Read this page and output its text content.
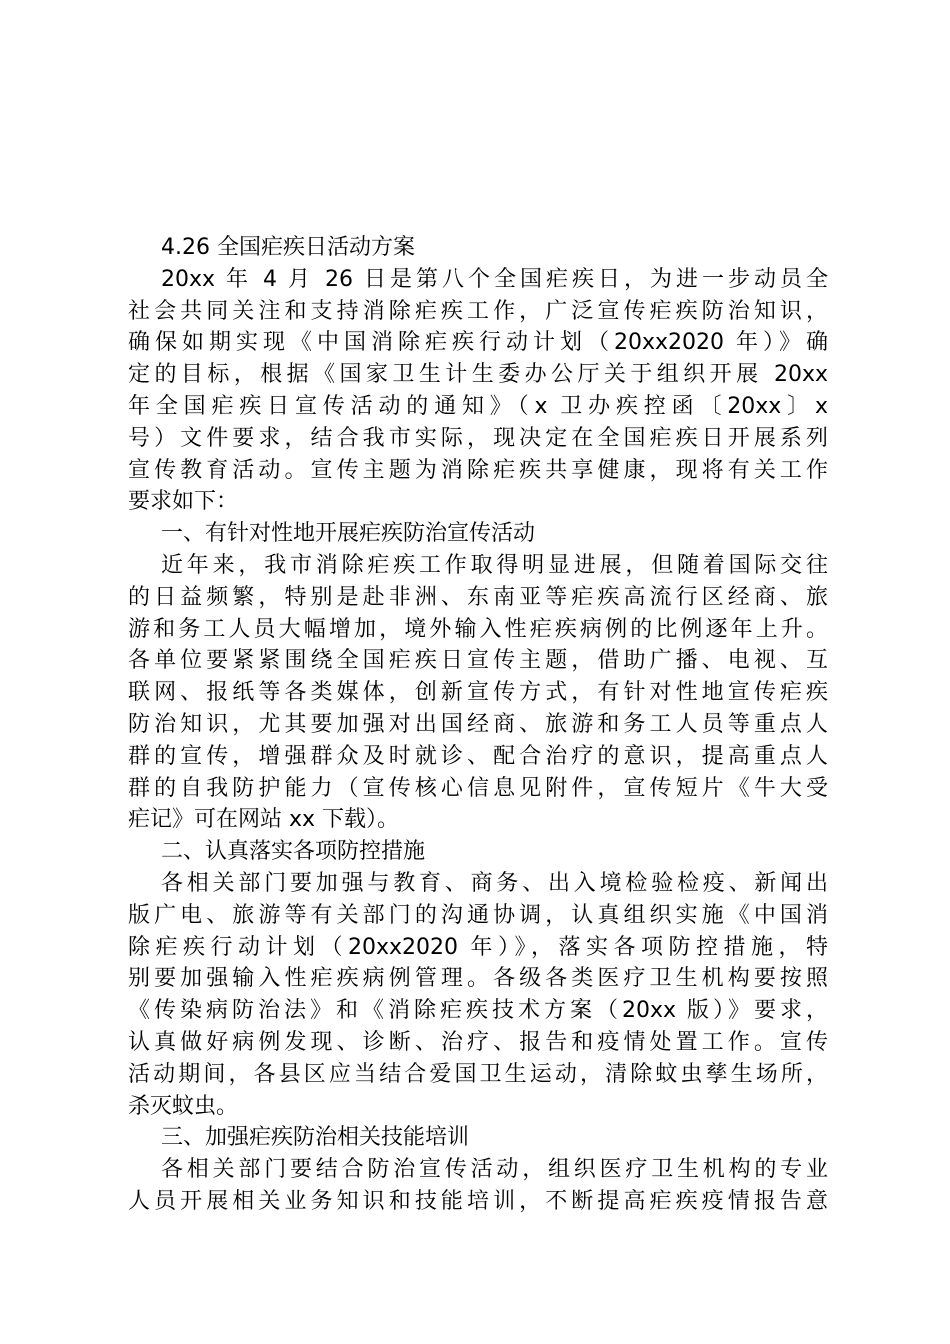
4.26 全国疟疾日活动方案
20xx 年 4 月 26 日是第八个全国疟疾日，为进一步动员全
社会共同关注和支持消除疟疾工作，广泛宣传疟疾防治知识，
确保如期实现《中国消除疟疾行动计划（20xx2020 年）》确
定的目标，根据《国家卫生计生委办公厅关于组织开展 20xx
年全国疟疾日宣传活动的通知》（x 卫办疾控函〔20xx〕x
号）文件要求，结合我市实际，现决定在全国疟疾日开展系列
宣传教育活动。宣传主题为消除疟疾共享健康，现将有关工作
要求如下：
一、有针对性地开展疟疾防治宣传活动
近年来，我市消除疟疾工作取得明显进展，但随着国际交往
的日益频繁，特别是赴非洲、东南亚等疟疾高流行区经商、旅
游和务工人员大幅增加，境外输入性疟疾病例的比例逐年上升。
各单位要紧紧围绕全国疟疾日宣传主题，借助广播、电视、互
联网、报纸等各类媒体，创新宣传方式，有针对性地宣传疟疾
防治知识，尤其要加强对出国经商、旅游和务工人员等重点人
群的宣传，增强群众及时就诊、配合治疗的意识，提高重点人
群的自我防护能力（宣传核心信息见附件，宣传短片《牛大受
疟记》可在网站 xx 下载）。
二、认真落实各项防控措施
各相关部门要加强与教育、商务、出入境检验检疫、新闻出
版广电、旅游等有关部门的沟通协调，认真组织实施《中国消
除疟疾行动计划（20xx2020 年）》，落实各项防控措施，特
别要加强输入性疟疾病例管理。各级各类医疗卫生机构要按照
《传染病防治法》和《消除疟疾技术方案（20xx 版）》要求，
认真做好病例发现、诊断、治疗、报告和疫情处置工作。宣传
活动期间，各县区应当结合爱国卫生运动，清除蚊虫孳生场所，
杀灭蚊虫。
三、加强疟疾防治相关技能培训
各相关部门要结合防治宣传活动，组织医疗卫生机构的专业
人员开展相关业务知识和技能培训，不断提高疟疾疫情报告意
